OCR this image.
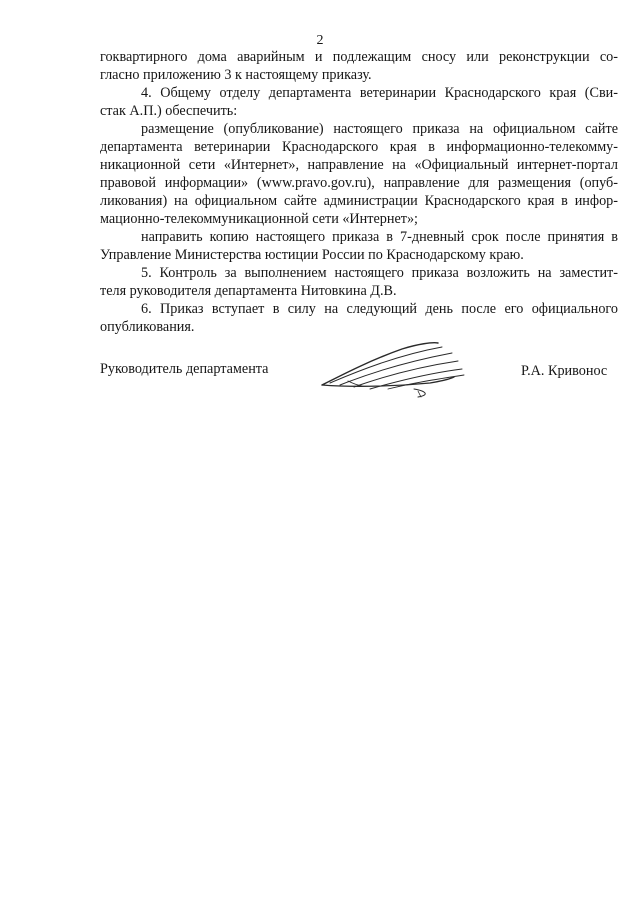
2
гоквартирного дома аварийным и подлежащим сносу или реконструкции со-
гласно приложению 3 к настоящему приказу.
4. Общему отделу департамента ветеринарии Краснодарского края (Сви-
стак А.П.) обеспечить:
размещение (опубликование) настоящего приказа на официальном сайте
департамента ветеринарии Краснодарского края в информационно-телекомму-
никационной сети «Интернет», направление на «Официальный интернет-портал
правовой информации» (www.pravo.gov.ru), направление для размещения (опуб-
ликования) на официальном сайте администрации Краснодарского края в инфор-
мационно-телекоммуникационной сети «Интернет»;
направить копию настоящего приказа в 7-дневный срок после принятия в
Управление Министерства юстиции России по Краснодарскому краю.
5. Контроль за выполнением настоящего приказа возложить на заместит-
теля руководителя департамента Нитовкина Д.В.
6. Приказ вступает в силу на следующий день после его официального
опубликования.
Руководитель департамента	Р.А. Кривонос
